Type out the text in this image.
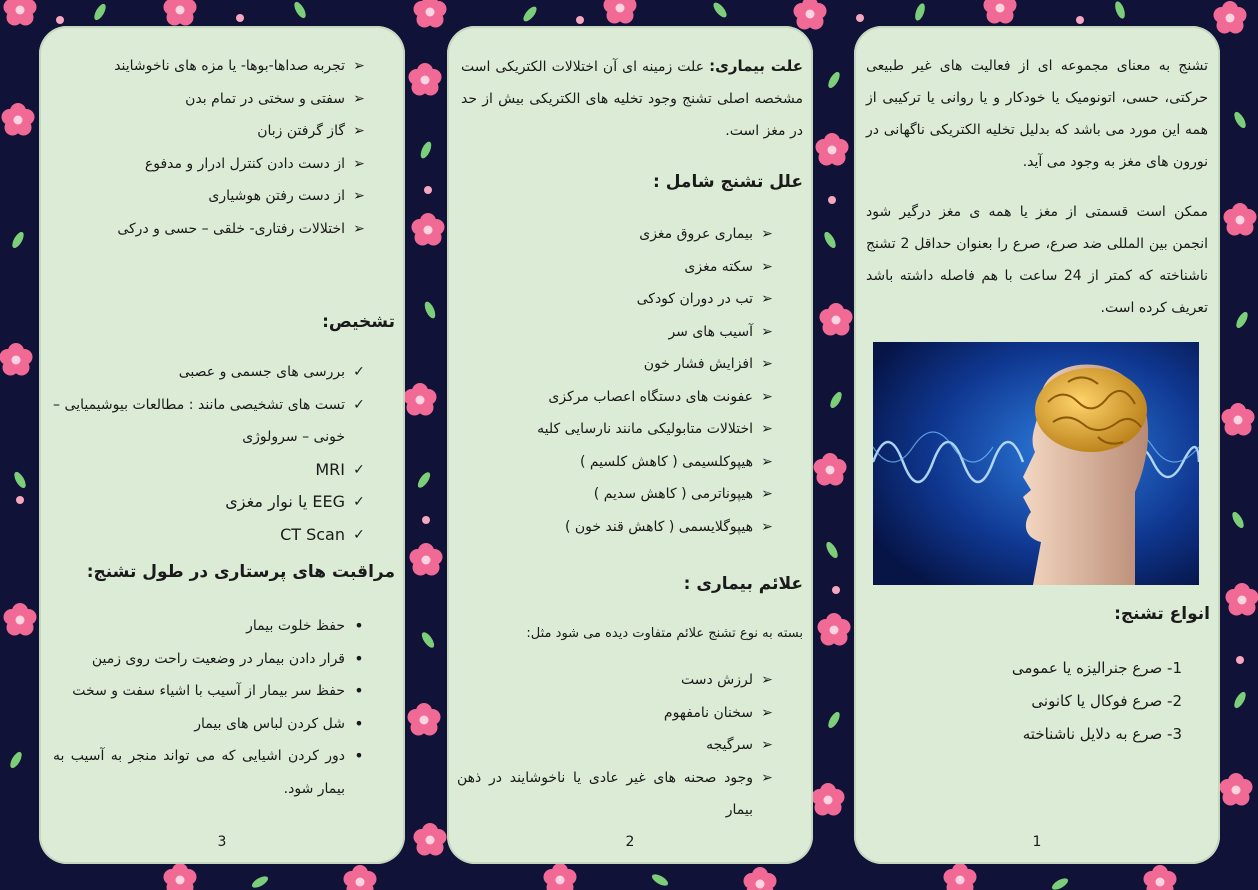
تشنج به معنای مجموعه ای از فعالیت های غیر طبیعی حرکتی، حسی، اتونومیک یا خودکار و یا روانی یا ترکیبی از همه این مورد می باشد که بدلیل تخلیه الکتریکی ناگهانی در نورون های مغز به وجود می آید.

ممکن است قسمتی از مغز یا همه ی مغز درگیر شود انجمن بین المللی ضد صرع، صرع را بعنوان حداقل 2 تشنج ناشناخته که کمتر از 24 ساعت با هم فاصله داشته باشد تعریف کرده است.

انواع تشنج:
1- صرع جنرالیزه یا عمومی
2- صرع فوکال یا کانونی
3- صرع به دلایل ناشناخته
1

علت بیماری: علت زمینه ای آن اختلالات الکتریکی است مشخصه اصلی تشنج وجود تخلیه های الکتریکی بیش از حد در مغز است.

علل تشنج شامل :
➢
بیماری عروق مغزی
➢
سکته مغزی
➢
تب در دوران کودکی
➢
آسیب های سر
➢
افزایش فشار خون
➢
عفونت های دستگاه اعصاب مرکزی
➢
اختلالات متابولیکی مانند نارسایی کلیه
➢
هیپوکلسیمی ( کاهش کلسیم )
➢
هیپوناترمی ( کاهش سدیم )
➢
هیپوگلایسمی ( کاهش قند خون )
علائم بیماری :

بسته به نوع تشنج علائم متفاوت دیده می شود مثل:

➢
لرزش دست
➢
سخنان نامفهوم
➢
سرگیجه
➢
وجود صحنه های غیر عادی یا ناخوشایند در ذهن بیمار
2
➢
تجربه صداها-بوها- یا مزه های ناخوشایند
➢
سفتی و سختی در تمام بدن
➢
گاز گرفتن زبان
➢
از دست دادن کنترل ادرار و مدفوع
➢
از دست رفتن هوشیاری
➢
اختلالات رفتاری- خلقی – حسی و درکی
تشخیص:
✓
بررسی های جسمی و عصبی
✓
تست های تشخیصی مانند : مطالعات بیوشیمیایی – خونی – سرولوژی
✓
MRI
✓
EEG یا نوار مغزی
✓
CT Scan
مراقبت های پرستاری در طول تشنج:
•
حفظ خلوت بیمار
•
قرار دادن بیمار در وضعیت راحت روی زمین
•
حفظ سر بیمار از آسیب با اشیاء سفت و سخت
•
شل کردن لباس های بیمار
•
دور کردن اشیایی که می تواند منجر به آسیب به بیمار شود.
3
